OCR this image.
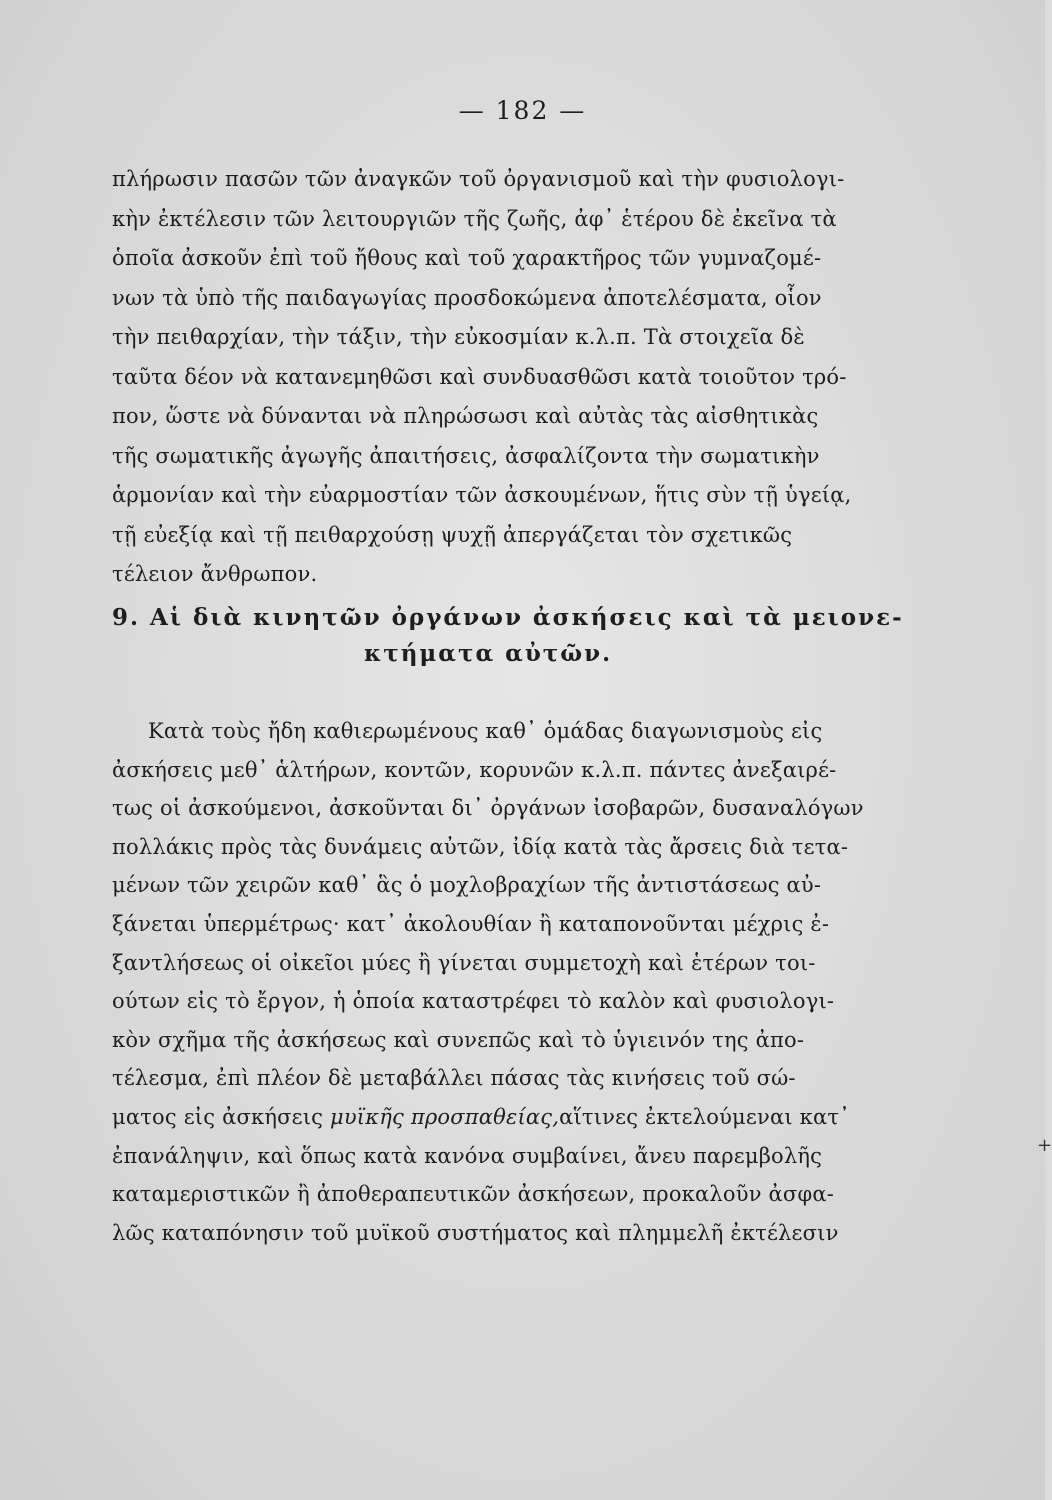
— 182 —
πλήρωσιν πασῶν τῶν ἀναγκῶν τοῦ ὀργανισμοῦ καὶ τὴν φυσιολογι-
κὴν ἐκτέλεσιν τῶν λειτουργιῶν τῆς ζωῆς, ἀφ᾽ ἑτέρου δὲ ἐκεῖνα τὰ
ὁποῖα ἀσκοῦν ἐπὶ τοῦ ἤθους καὶ τοῦ χαρακτῆρος τῶν γυμναζομέ-
νων τὰ ὑπὸ τῆς παιδαγωγίας προσδοκώμενα ἀποτελέσματα, οἷον
τὴν πειθαρχίαν, τὴν τάξιν, τὴν εὐκοσμίαν κ.λ.π. Τὰ στοιχεῖα δὲ
ταῦτα δέον νὰ κατανεμηθῶσι καὶ συνδυασθῶσι κατὰ τοιοῦτον τρό-
πον, ὥστε νὰ δύνανται νὰ πληρώσωσι καὶ αὐτὰς τὰς αἰσθητικὰς
τῆς σωματικῆς ἀγωγῆς ἀπαιτήσεις, ἀσφαλίζοντα τὴν σωματικὴν
ἁρμονίαν καὶ τὴν εὐαρμοστίαν τῶν ἀσκουμένων, ἥτις σὺν τῇ ὑγείᾳ,
τῇ εὐεξίᾳ καὶ τῇ πειθαρχούσῃ ψυχῇ ἀπεργάζεται τὸν σχετικῶς
τέλειον ἄνθρωπον.
9. Αἱ διὰ κινητῶν ὀργάνων ἀσκήσεις καὶ τὰ μειονε-
κτήματα αὐτῶν.
Κατὰ τοὺς ἤδη καθιερωμένους καθ᾽ ὁμάδας διαγωνισμοὺς εἰς
ἀσκήσεις μεθ᾽ ἁλτήρων, κοντῶν, κορυνῶν κ.λ.π. πάντες ἀνεξαιρέ-
τως οἱ ἀσκούμενοι, ἀσκοῦνται δι᾽ ὀργάνων ἰσοβαρῶν, δυσαναλόγων
πολλάκις πρὸς τὰς δυνάμεις αὐτῶν, ἰδίᾳ κατὰ τὰς ἄρσεις διὰ τετα-
μένων τῶν χειρῶν καθ᾽ ἃς ὁ μοχλοβραχίων τῆς ἀντιστάσεως αὐ-
ξάνεται ὑπερμέτρως· κατ᾽ ἀκολουθίαν ἢ καταπονοῦνται μέχρις ἐ-
ξαντλήσεως οἱ οἰκεῖοι μύες ἢ γίνεται συμμετοχὴ καὶ ἑτέρων τοι-
ούτων εἰς τὸ ἔργον, ἡ ὁποία καταστρέφει τὸ καλὸν καὶ φυσιολογι-
κὸν σχῆμα τῆς ἀσκήσεως καὶ συνεπῶς καὶ τὸ ὑγιεινόν της ἀπο-
τέλεσμα, ἐπὶ πλέον δὲ μεταβάλλει πάσας τὰς κινήσεις τοῦ σώ-
ματος εἰς ἀσκήσεις μυϊκῆς προσπαθείας,αἵτινες ἐκτελούμεναι κατ᾽
ἐπανάληψιν, καὶ ὅπως κατὰ κανόνα συμβαίνει, ἄνευ παρεμβολῆς
καταμεριστικῶν ἢ ἀποθεραπευτικῶν ἀσκήσεων, προκαλοῦν ἀσφα-
λῶς καταπόνησιν τοῦ μυϊκοῦ συστήματος καὶ πλημμελῆ ἐκτέλεσιν
+
